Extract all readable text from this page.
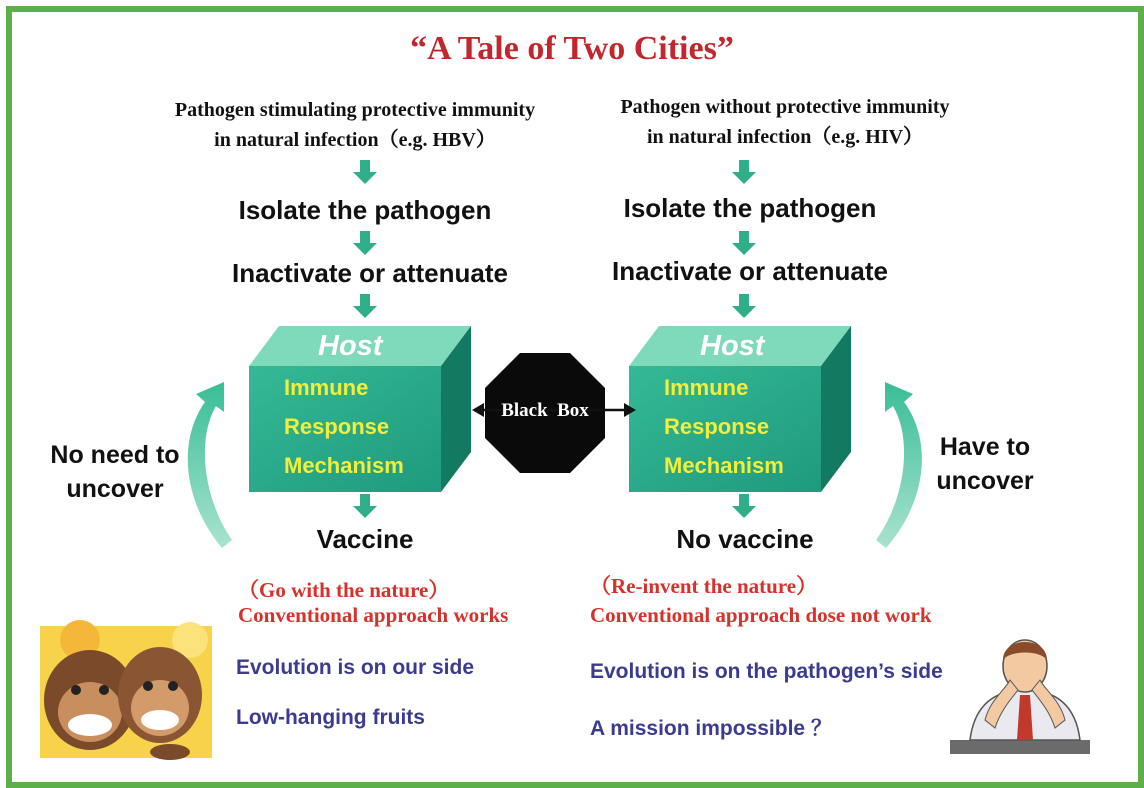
“A Tale of Two Cities”
Pathogen stimulating protective immunity
in natural infection（e.g. HBV）
Pathogen without protective immunity
in natural infection（e.g. HIV）
Isolate the pathogen	Isolate the pathogen
Inactivate or attenuate	Inactivate or attenuate
Host
Immune
Response
Mechanism
Host
Immune
Response
Mechanism
Black  Box
No need to
uncover
Have to
uncover
Vaccine	No vaccine
（Go with the nature）
Conventional approach works
（Re-invent the nature）
Conventional approach dose not work
Evolution is on our side
Low-hanging fruits
Evolution is on the pathogen’s side
A mission impossible ？
